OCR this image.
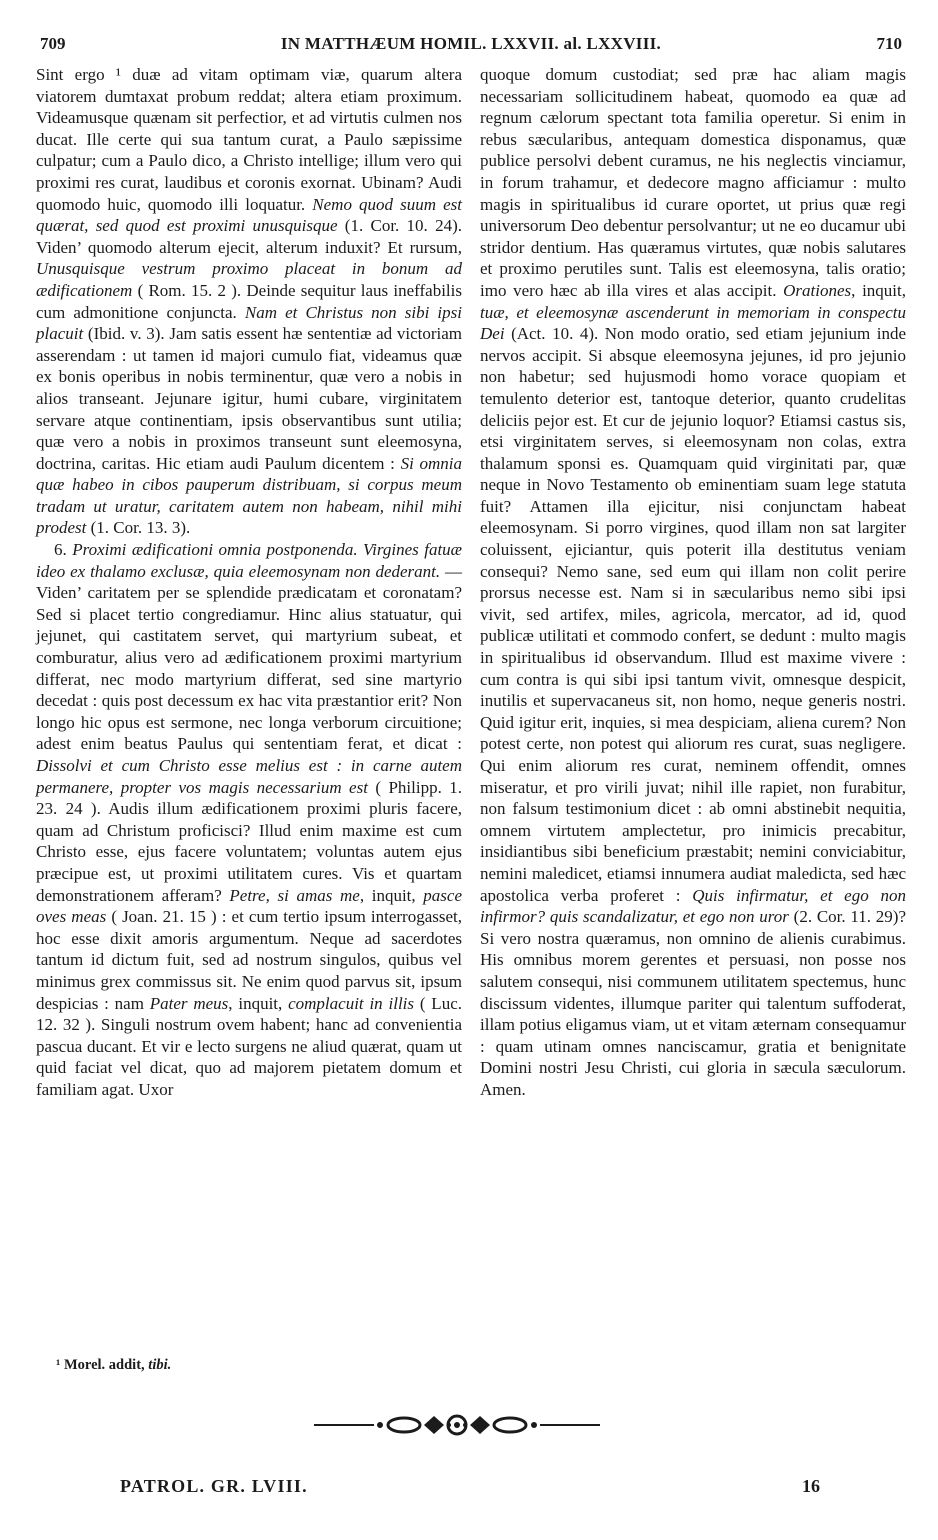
709	IN MATTHÆUM HOMIL. LXXVII. al. LXXVIII.	710

Sint ergo ¹ duæ ad vitam optimam viæ, quarum altera viatorem dumtaxat probum reddat; altera etiam proximum. Videamusque quænam sit perfectior, et ad virtutis culmen nos ducat. Ille certe qui sua tantum curat, a Paulo sæpissime culpatur; cum a Paulo dico, a Christo intellige; illum vero qui proximi res curat, laudibus et coronis exornat. Ubinam? Audi quomodo huic, quomodo illi loquatur. Nemo quod suum est quærat, sed quod est proximi unusquisque (1. Cor. 10. 24). Viden’ quomodo alterum ejecit, alterum induxit? Et rursum, Unusquisque vestrum proximo placeat in bonum ad ædificationem ( Rom. 15. 2 ). Deinde sequitur laus ineffabilis cum admonitione conjuncta. Nam et Christus non sibi ipsi placuit (Ibid. v. 3). Jam satis essent hæ sententiæ ad victoriam asserendam : ut tamen id majori cumulo fiat, videamus quæ ex bonis operibus in nobis terminentur, quæ vero a nobis in alios transeant. Jejunare igitur, humi cubare, virginitatem servare atque continentiam, ipsis observantibus sunt utilia; quæ vero a nobis in proximos transeunt sunt eleemosyna, doctrina, caritas. Hic etiam audi Paulum dicentem : Si omnia quæ habeo in cibos pauperum distribuam, si corpus meum tradam ut uratur, caritatem autem non habeam, nihil mihi prodest (1. Cor. 13. 3).

6. Proximi ædificationi omnia postponenda. Virgines fatuæ ideo ex thalamo exclusæ, quia eleemosynam non dederant. — Viden’ caritatem per se splendide prædicatam et coronatam? Sed si placet tertio congrediamur. Hinc alius statuatur, qui jejunet, qui castitatem servet, qui martyrium subeat, et comburatur, alius vero ad ædificationem proximi martyrium differat, nec modo martyrium differat, sed sine martyrio decedat : quis post decessum ex hac vita præstantior erit? Non longo hic opus est sermone, nec longa verborum circuitione; adest enim beatus Paulus qui sententiam ferat, et dicat : Dissolvi et cum Christo esse melius est : in carne autem permanere, propter vos magis necessarium est ( Philipp. 1. 23. 24 ). Audis illum ædificationem proximi pluris facere, quam ad Christum proficisci? Illud enim maxime est cum Christo esse, ejus facere voluntatem; voluntas autem ejus præcipue est, ut proximi utilitatem cures. Vis et quartam demonstrationem afferam? Petre, si amas me, inquit, pasce oves meas ( Joan. 21. 15 ) : et cum tertio ipsum interrogasset, hoc esse dixit amoris argumentum. Neque ad sacerdotes tantum id dictum fuit, sed ad nostrum singulos, quibus vel minimus grex commissus sit. Ne enim quod parvus sit, ipsum despicias : nam Pater meus, inquit, complacuit in illis ( Luc. 12. 32 ). Singuli nostrum ovem habent; hanc ad convenientia pascua ducant. Et vir e lecto surgens ne aliud quærat, quam ut quid faciat vel dicat, quo ad majorem pietatem domum et familiam agat. Uxor

quoque domum custodiat; sed præ hac aliam magis necessariam sollicitudinem habeat, quomodo ea quæ ad regnum cælorum spectant tota familia operetur. Si enim in rebus sæcularibus, antequam domestica disponamus, quæ publice persolvi debent curamus, ne his neglectis vinciamur, in forum trahamur, et dedecore magno afficiamur : multo magis in spiritualibus id curare oportet, ut prius quæ regi universorum Deo debentur persolvantur; ut ne eo ducamur ubi stridor dentium. Has quæramus virtutes, quæ nobis salutares et proximo perutiles sunt. Talis est eleemosyna, talis oratio; imo vero hæc ab illa vires et alas accipit. Orationes, inquit, tuæ, et eleemosynæ ascenderunt in memoriam in conspectu Dei (Act. 10. 4). Non modo oratio, sed etiam jejunium inde nervos accipit. Si absque eleemosyna jejunes, id pro jejunio non habetur; sed hujusmodi homo vorace quopiam et temulento deterior est, tantoque deterior, quanto crudelitas deliciis pejor est. Et cur de jejunio loquor? Etiamsi castus sis, etsi virginitatem serves, si eleemosynam non colas, extra thalamum sponsi es. Quamquam quid virginitati par, quæ neque in Novo Testamento ob eminentiam suam lege statuta fuit? Attamen illa ejicitur, nisi conjunctam habeat eleemosynam. Si porro virgines, quod illam non sat largiter coluissent, ejiciantur, quis poterit illa destitutus veniam consequi? Nemo sane, sed eum qui illam non colit perire prorsus necesse est. Nam si in sæcularibus nemo sibi ipsi vivit, sed artifex, miles, agricola, mercator, ad id, quod publicæ utilitati et commodo confert, se dedunt : multo magis in spiritualibus id observandum. Illud est maxime vivere : cum contra is qui sibi ipsi tantum vivit, omnesque despicit, inutilis et supervacaneus sit, non homo, neque generis nostri. Quid igitur erit, inquies, si mea despiciam, aliena curem? Non potest certe, non potest qui aliorum res curat, suas negligere. Qui enim aliorum res curat, neminem offendit, omnes miseratur, et pro virili juvat; nihil ille rapiet, non furabitur, non falsum testimonium dicet : ab omni abstinebit nequitia, omnem virtutem amplectetur, pro inimicis precabitur, insidiantibus sibi beneficium præstabit; nemini conviciabitur, nemini maledicet, etiamsi innumera audiat maledicta, sed hæc apostolica verba proferet : Quis infirmatur, et ego non infirmor? quis scandalizatur, et ego non uror (2. Cor. 11. 29)? Si vero nostra quæramus, non omnino de alienis curabimus. His omnibus morem gerentes et persuasi, non posse nos salutem consequi, nisi communem utilitatem spectemus, hunc discissum videntes, illumque pariter qui talentum suffoderat, illam potius eligamus viam, ut et vitam æternam consequamur : quam utinam omnes nanciscamur, gratia et benignitate Domini nostri Jesu Christi, cui gloria in sæcula sæculorum. Amen.

¹ Morel. addit, tibi.
PATROL. GR. LVIII.	16
